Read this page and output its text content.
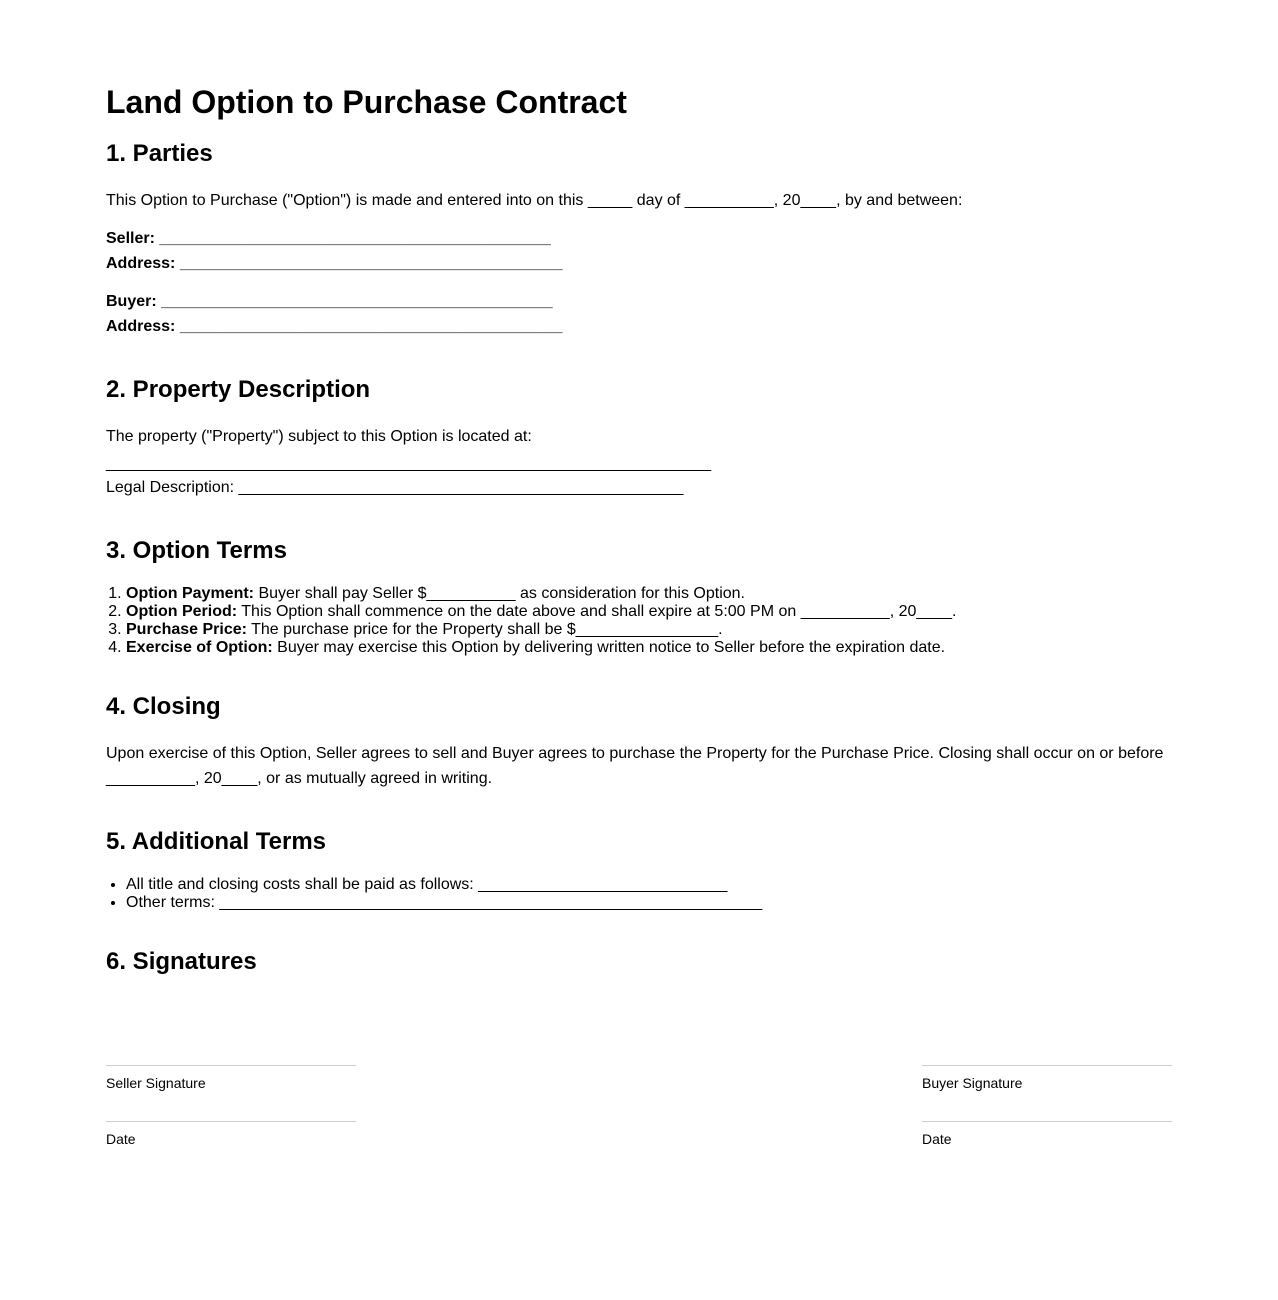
Land Option to Purchase Contract
1. Parties

This Option to Purchase ("Option") is made and entered into on this _____ day of __________, 20____, by and between:

Seller: ____________________________________________

Address: ___________________________________________

Buyer: ____________________________________________

Address: ___________________________________________

2. Property Description

The property ("Property") subject to this Option is located at:

____________________________________________________________________

Legal Description: __________________________________________________

3. Option Terms
1. Option Payment: Buyer shall pay Seller $__________ as consideration for this Option.
2. Option Period: This Option shall commence on the date above and shall expire at 5:00 PM on __________, 20____.
3. Purchase Price: The purchase price for the Property shall be $________________.
4. Exercise of Option: Buyer may exercise this Option by delivering written notice to Seller before the expiration date.
4. Closing

Upon exercise of this Option, Seller agrees to sell and Buyer agrees to purchase the Property for the Purchase Price. Closing shall occur on or before __________, 20____, or as mutually agreed in writing.

5. Additional Terms
• All title and closing costs shall be paid as follows: ____________________________
• Other terms: _____________________________________________________________
6. Signatures
Seller Signature
Date
Buyer Signature
Date
